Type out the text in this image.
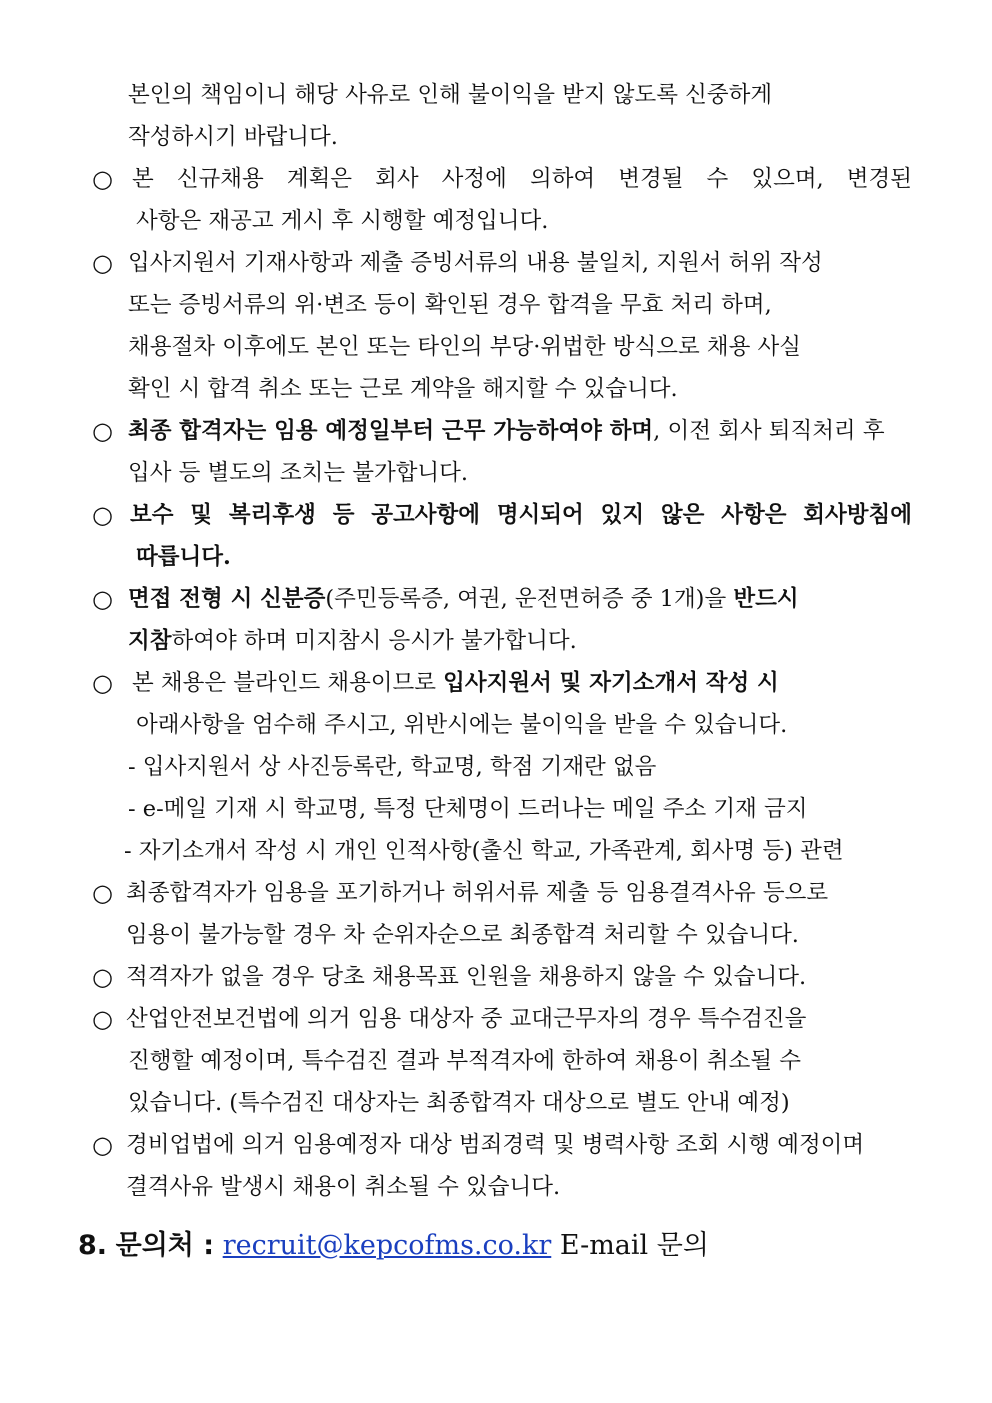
본인의 책임이니 해당 사유로 인해 불이익을 받지 않도록 신중하게
작성하시기 바랍니다.
○ 본 신규채용 계획은 회사 사정에 의하여 변경될 수 있으며, 변경된
사항은 재공고 게시 후 시행할 예정입니다.
○ 입사지원서 기재사항과 제출 증빙서류의 내용 불일치, 지원서 허위 작성
또는 증빙서류의 위·변조 등이 확인된 경우 합격을 무효 처리 하며,
채용절차 이후에도 본인 또는 타인의 부당·위법한 방식으로 채용 사실
확인 시 합격 취소 또는 근로 계약을 해지할 수 있습니다.
○ 최종 합격자는 임용 예정일부터 근무 가능하여야 하며, 이전 회사 퇴직처리 후
입사 등 별도의 조치는 불가합니다.
○ 보수 및 복리후생 등 공고사항에 명시되어 있지 않은 사항은 회사방침에
따릅니다.
○ 면접 전형 시 신분증(주민등록증, 여권, 운전면허증 중 1개)을 반드시
지참하여야 하며 미지참시 응시가 불가합니다.
○ 본 채용은 블라인드 채용이므로 입사지원서 및 자기소개서 작성 시
아래사항을 엄수해 주시고, 위반시에는 불이익을 받을 수 있습니다.
- 입사지원서 상 사진등록란, 학교명, 학점 기재란 없음
- e-메일 기재 시 학교명, 특정 단체명이 드러나는 메일 주소 기재 금지
- 자기소개서 작성 시 개인 인적사항(출신 학교, 가족관계, 회사명 등) 관련
○ 최종합격자가 임용을 포기하거나 허위서류 제출 등 임용결격사유 등으로
임용이 불가능할 경우 차 순위자순으로 최종합격 처리할 수 있습니다.
○ 적격자가 없을 경우 당초 채용목표 인원을 채용하지 않을 수 있습니다.
○ 산업안전보건법에 의거 임용 대상자 중 교대근무자의 경우 특수검진을
진행할 예정이며, 특수검진 결과 부적격자에 한하여 채용이 취소될 수
있습니다. (특수검진 대상자는 최종합격자 대상으로 별도 안내 예정)
○ 경비업법에 의거 임용예정자 대상 범죄경력 및 병력사항 조회 시행 예정이며
결격사유 발생시 채용이 취소될 수 있습니다.
8. 문의처 : recruit@kepcofms.co.kr E-mail 문의
